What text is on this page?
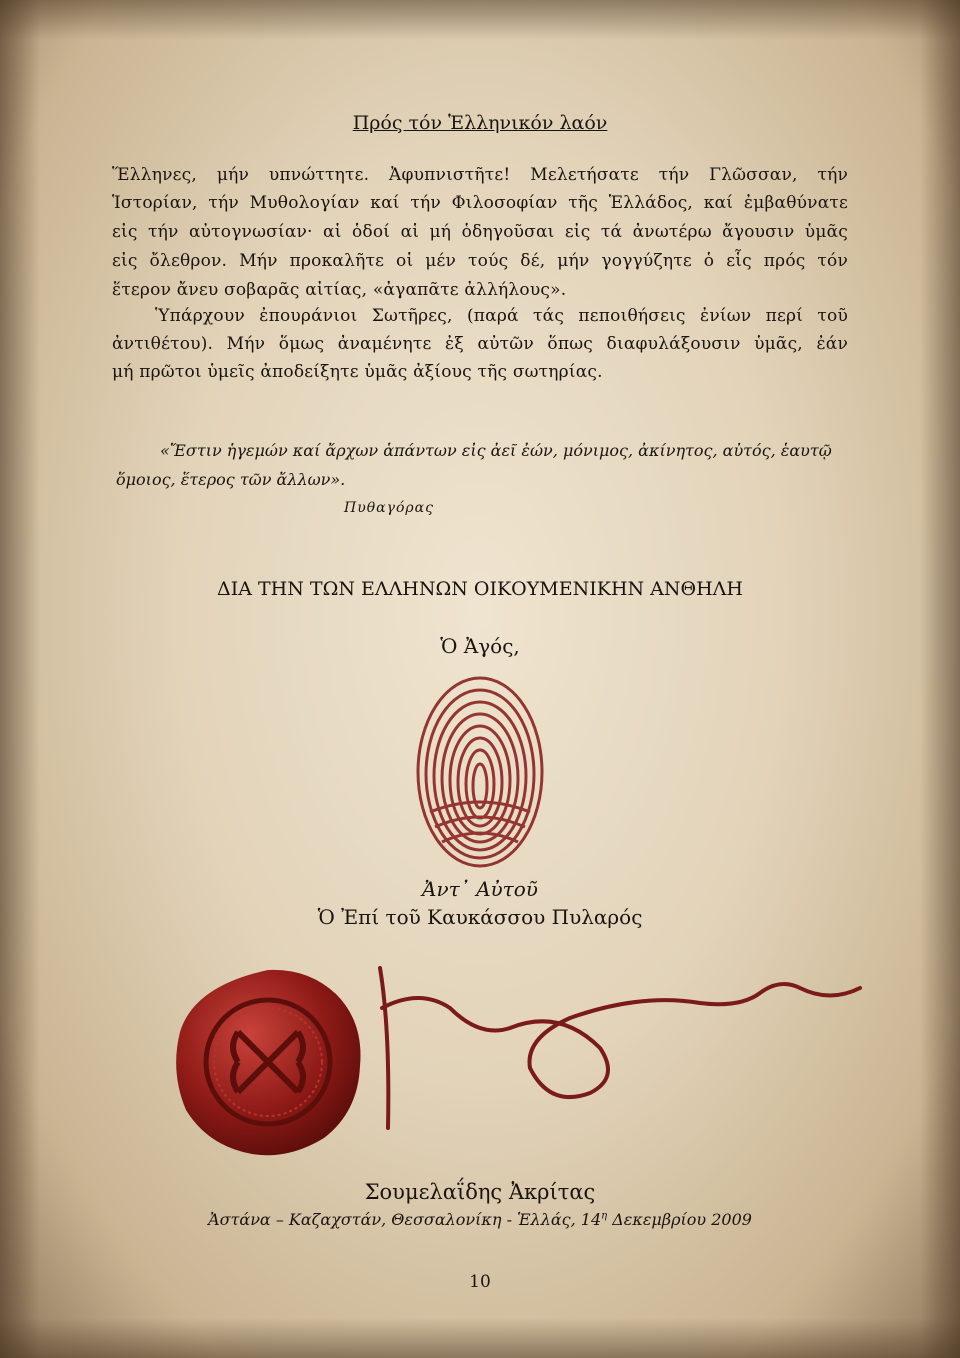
Πρός τόν Ἑλληνικόν λαόν
Ἕλληνες, μήν υπνώττητε. Ἀφυπνιστῆτε! Μελετήσατε τήν Γλῶσσαν, τήν
Ἱστορίαν, τήν Μυθολογίαν καί τήν Φιλοσοφίαν τῆς Ἑλλάδος, καί ἐμβαθύνατε
εἰς τήν αὐτογνωσίαν· αἱ ὁδοί αἱ μή ὁδηγοῦσαι εἰς τά ἀνωτέρω ἄγουσιν ὑμᾶς
εἰς ὄλεθρον. Μήν προκαλῆτε οἱ μέν τούς δέ, μήν γογγύζητε ὁ εἷς πρός τόν
ἕτερον ἄνευ σοβαρᾶς αἰτίας, «ἀγαπᾶτε ἀλλήλους».
Ὑπάρχουν ἐπουράνιοι Σωτῆρες, (παρά τάς πεποιθήσεις ἐνίων περί τοῦ
ἀντιθέτου). Μήν ὅμως ἀναμένητε ἐξ αὐτῶν ὅπως διαφυλάξουσιν ὑμᾶς, ἐάν
μή πρῶτοι ὑμεῖς ἀποδείξητε ὑμᾶς ἀξίους τῆς σωτηρίας.
«Ἔστιν ἡγεμών καί ἄρχων ἁπάντων εἰς ἀεῖ ἐών, μόνιμος, ἀκίνητος, αὐτός, ἑαυτῷ
ὅμοιος, ἕτερος τῶν ἄλλων».
Πυθαγόρας
ΔΙΑ ΤΗΝ ΤΩΝ ΕΛΛΗΝΩΝ ΟΙΚΟΥΜΕΝΙΚΗΝ ΑΝΘΗΛΗ
Ὁ Ἀγός,
Ἀντ᾽ Αὐτοῦ
Ὁ Ἐπί τοῦ Καυκάσσου Πυλαρός
Σουμελαΐδης Ἀκρίτας
Ἀστάνα – Καζαχστάν, Θεσσαλονίκη - Ἑλλάς, $14^\eta$ Δεκεμβρίου 2009
10
